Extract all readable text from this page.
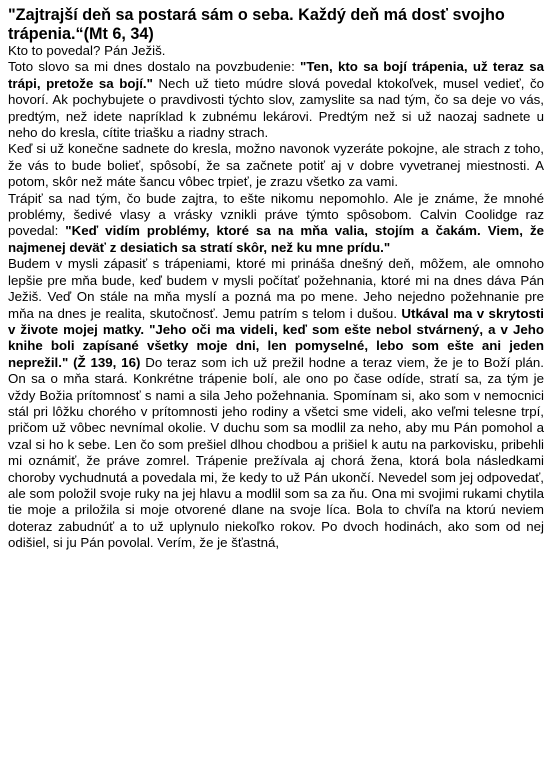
"Zajtrajší deň sa postará sám o seba. Každý deň má dosť svojho trápenia.“(Mt 6, 34)

Kto to povedal? Pán Ježiš.

Toto slovo sa mi dnes dostalo na povzbudenie: "Ten, kto sa bojí trápenia, už teraz sa trápi, pretože sa bojí." Nech už tieto múdre slová povedal ktokoľvek, musel vedieť, čo hovorí. Ak pochybujete o pravdivosti týchto slov, zamyslite sa nad tým, čo sa deje vo vás, predtým, než idete napríklad k zubnému lekárovi. Predtým než si už naozaj sadnete u neho do kresla, cítite triašku a riadny strach.

Keď si už konečne sadnete do kresla, možno navonok vyzeráte pokojne, ale strach z toho, že vás to bude bolieť, spôsobí, že sa začnete potiť aj v dobre vyvetranej miestnosti. A potom, skôr než máte šancu vôbec trpieť, je zrazu všetko za vami.

Trápiť sa nad tým, čo bude zajtra, to ešte nikomu nepomohlo. Ale je známe, že mnohé problémy, šedivé vlasy a vrásky vznikli práve týmto spôsobom. Calvin Coolidge raz povedal: "Keď vidím problémy, ktoré sa na mňa valia, stojím a čakám. Viem, že najmenej deväť z desiatich sa stratí skôr, než ku mne prídu."

Budem v mysli zápasiť s trápeniami, ktoré mi prináša dnešný deň, môžem, ale omnoho lepšie pre mňa bude, keď budem v mysli počítať požehnania, ktoré mi na dnes dáva Pán Ježiš. Veď On stále na mňa myslí a pozná ma po mene. Jeho nejedno požehnanie pre mňa na dnes je realita, skutočnosť. Jemu patrím s telom i dušou. Utkával ma v skrytosti v živote mojej matky. "Jeho oči ma videli, keď som ešte nebol stvárnený, a v Jeho knihe boli zapísané všetky moje dni, len pomyselné, lebo som ešte ani jeden neprežil." (Ž 139, 16) Do teraz som ich už prežil hodne a teraz viem, že je to Boží plán. On sa o mňa stará. Konkrétne trápenie bolí, ale ono po čase odíde, stratí sa, za tým je vždy Božia prítomnosť s nami a sila Jeho požehnania. Spomínam si, ako som v nemocnici stál pri lôžku chorého v prítomnosti jeho rodiny a všetci sme videli, ako veľmi telesne trpí, pričom už vôbec nevnímal okolie. V duchu som sa modlil za neho, aby mu Pán pomohol a vzal si ho k sebe. Len čo som prešiel dlhou chodbou a prišiel k autu na parkovisku, pribehli mi oznámiť, že práve zomrel. Trápenie prežívala aj chorá žena, ktorá bola následkami choroby vychudnutá a povedala mi, že kedy to už Pán ukončí. Nevedel som jej odpovedať, ale som položil svoje ruky na jej hlavu a modlil som sa za ňu. Ona mi svojimi rukami chytila tie moje a priložila si moje otvorené dlane na svoje líca. Bola to chvíľa na ktorú neviem doteraz zabudnúť a to už uplynulo niekoľko rokov. Po dvoch hodinách, ako som od nej odišiel, si ju Pán povolal. Verím, že je šťastná,
